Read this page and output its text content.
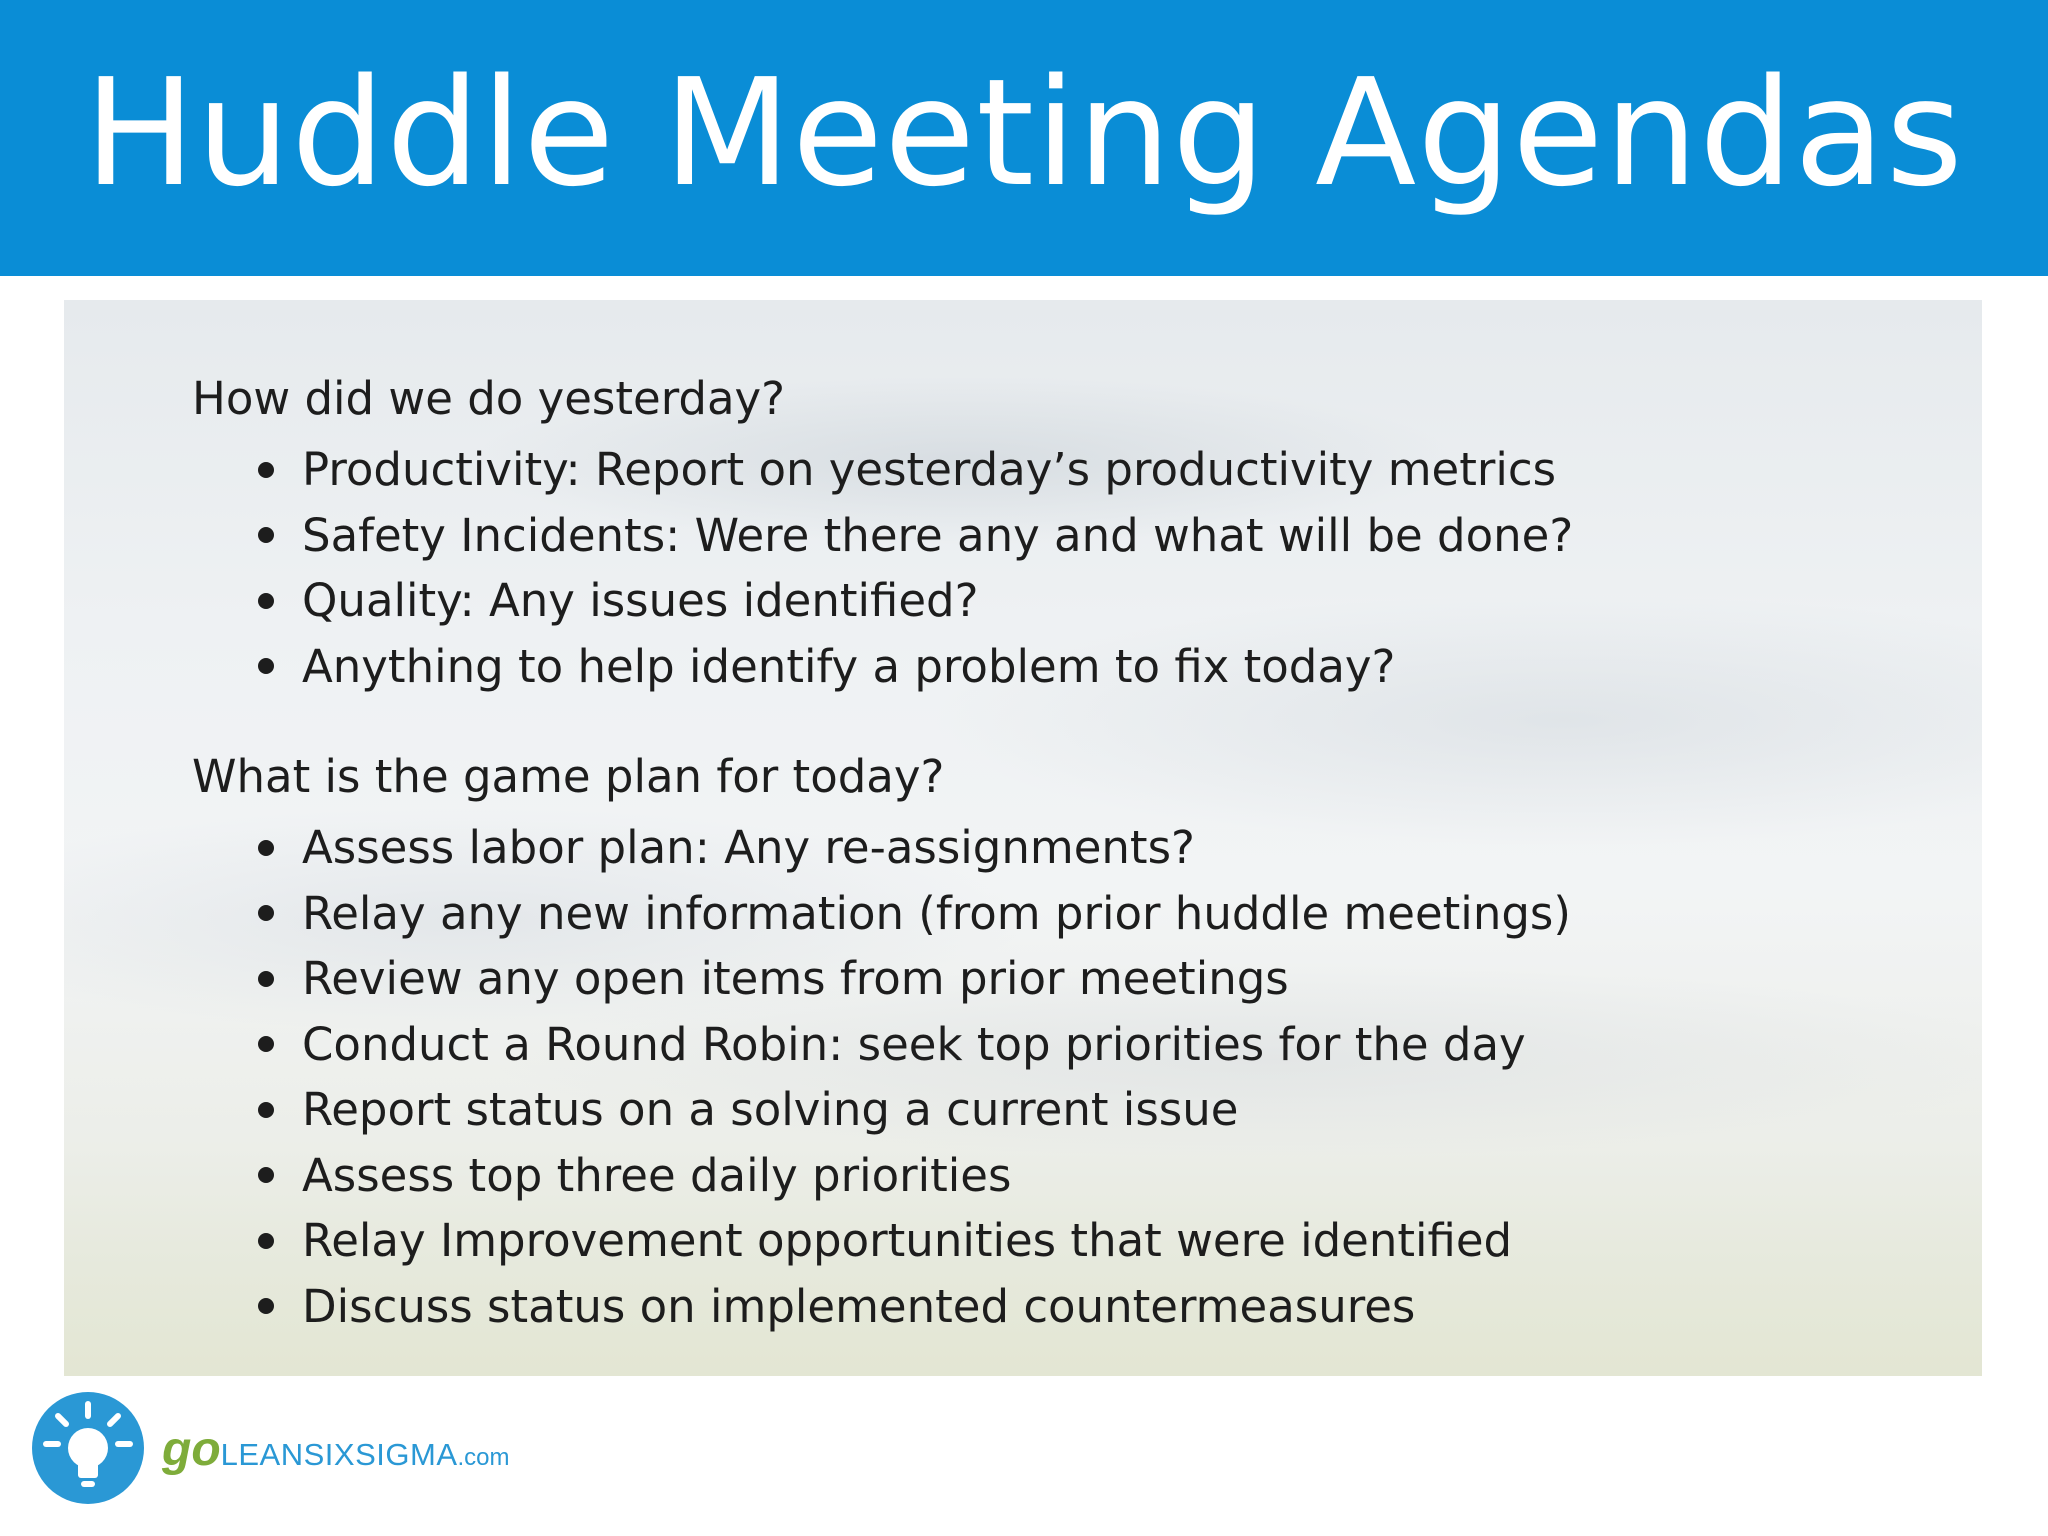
Huddle Meeting Agendas
How did we do yesterday?
Productivity: Report on yesterday’s productivity metrics
Safety Incidents: Were there any and what will be done?
Quality: Any issues identified?
Anything to help identify a problem to fix today?
What is the game plan for today?
Assess labor plan: Any re-assignments?
Relay any new information (from prior huddle meetings)
Review any open items from prior meetings
Conduct a Round Robin: seek top priorities for the day
Report status on a solving a current issue
Assess top three daily priorities
Relay Improvement opportunities that were identified
Discuss status on implemented countermeasures
goLEANSIXSIGMA.com
